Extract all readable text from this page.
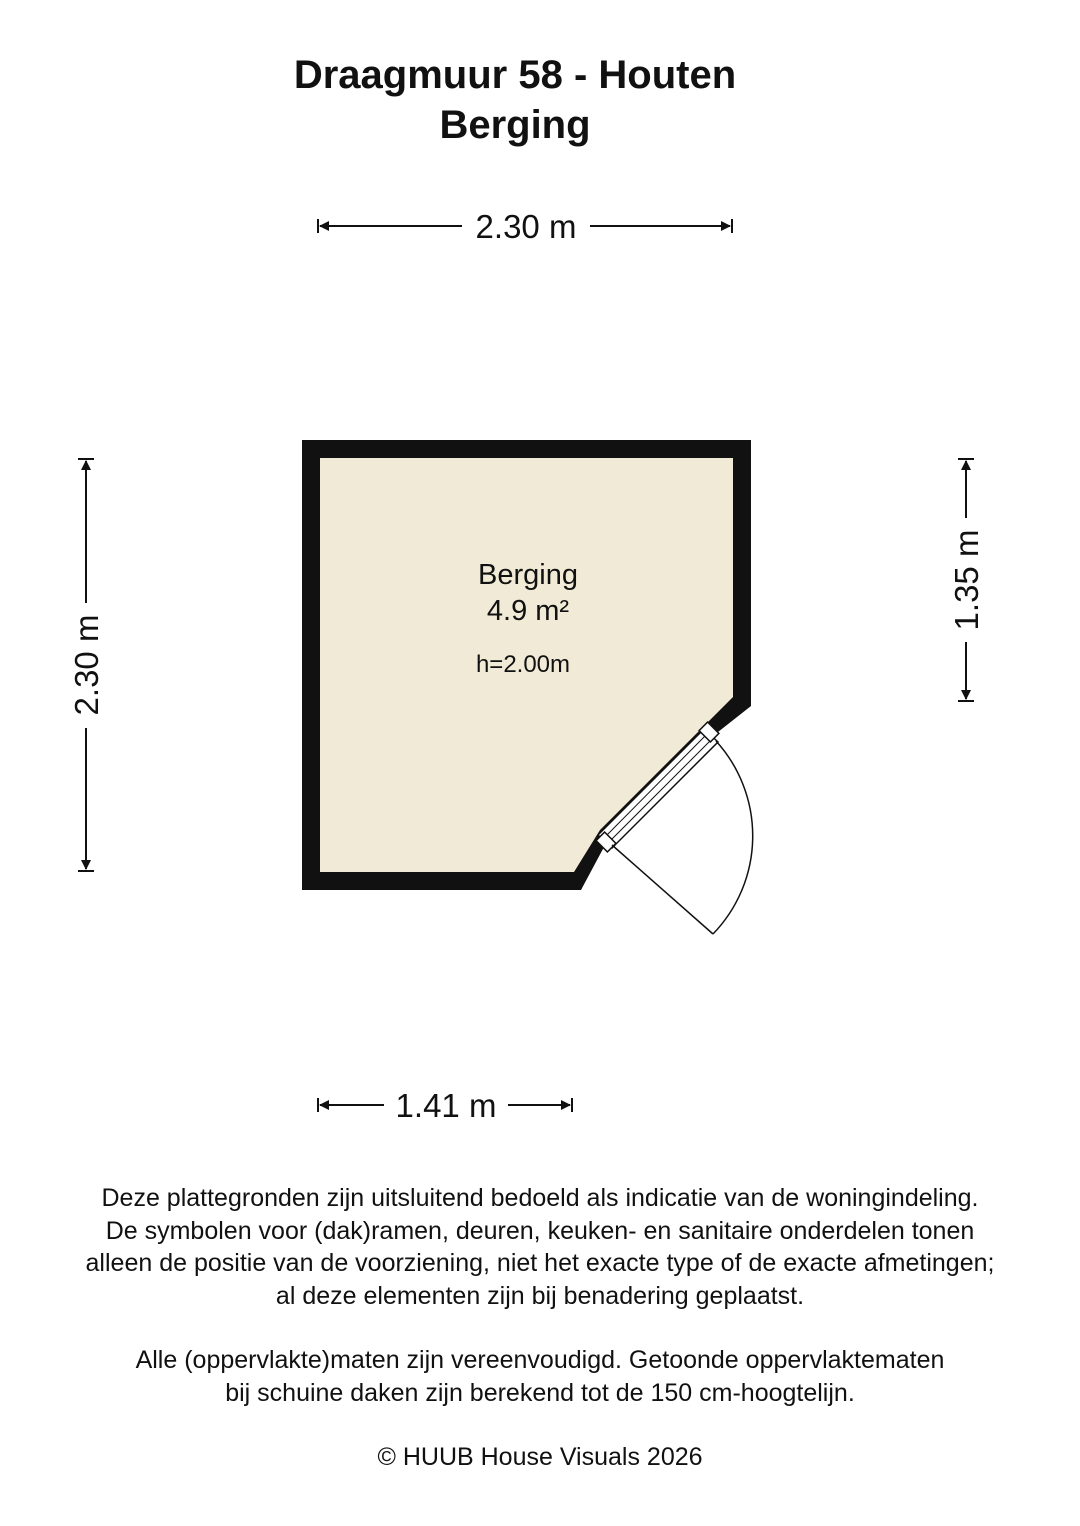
Draagmuur 58 - Houten
Berging
2.30 m
2.30 m
1.35 m
1.41 m
Berging
4.9 m²
h=2.00m
Deze plattegronden zijn uitsluitend bedoeld als indicatie van de woningindeling.
De symbolen voor (dak)ramen, deuren, keuken- en sanitaire onderdelen tonen
alleen de positie van de voorziening, niet het exacte type of de exacte afmetingen;
al deze elementen zijn bij benadering geplaatst.
Alle (oppervlakte)maten zijn vereenvoudigd. Getoonde oppervlaktematen
bij schuine daken zijn berekend tot de 150 cm-hoogtelijn.
© HUUB House Visuals 2026
